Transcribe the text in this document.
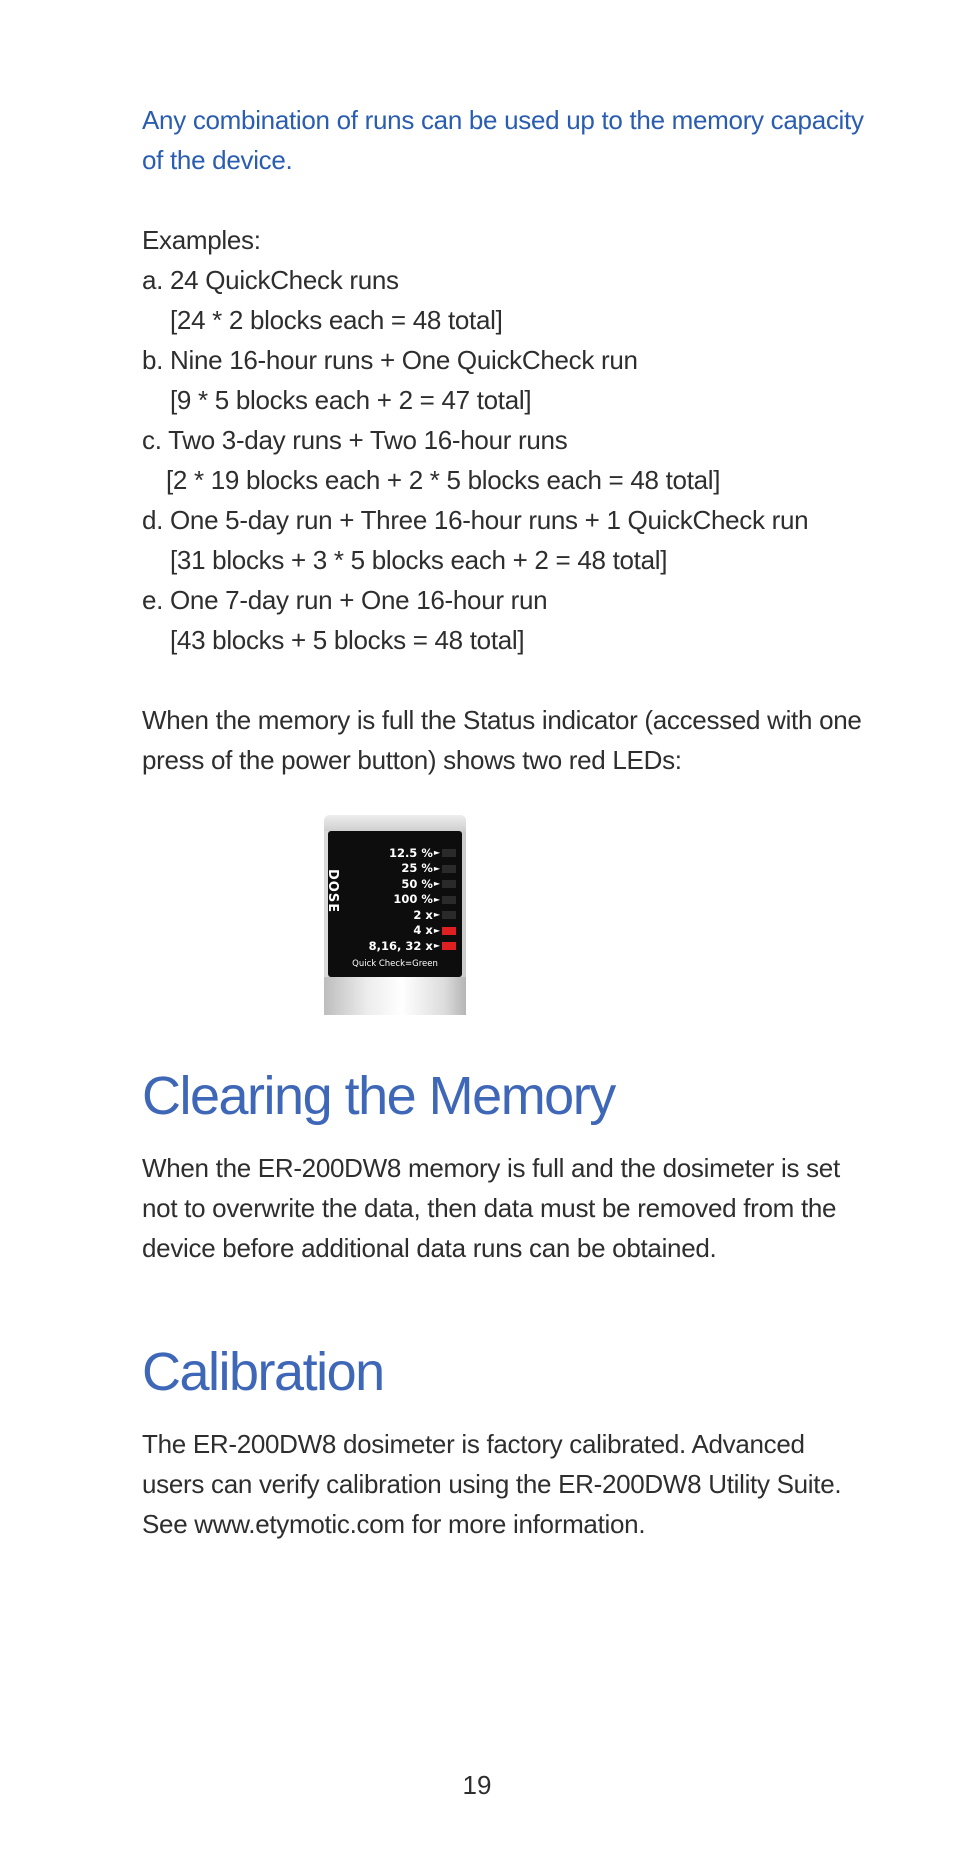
Any combination of runs can be used up to the memory capacity of the device.

Examples:
a. 24 QuickCheck runs
[24 * 2 blocks each = 48 total]
b. Nine 16-hour runs + One QuickCheck run
[9 * 5 blocks each + 2 = 47 total]
c. Two 3-day runs + Two 16-hour runs
[2 * 19 blocks each + 2 * 5 blocks each = 48 total]
d. One 5-day run + Three 16-hour runs + 1 QuickCheck run
[31 blocks + 3 * 5 blocks each + 2 = 48 total]
e. One 7-day run + One 16-hour run
[43 blocks + 5 blocks = 48 total]

When the memory is full the Status indicator (accessed with one press of the power button) shows two red LEDs:

DOSE
12.5 % ►
25 % ►
50 % ►
100 % ►
2 x ►
4 x ►
8,16, 32 x ►
Quick Check=Green
Clearing the Memory

When the ER-200DW8 memory is full and the dosimeter is set not to overwrite the data, then data must be removed from the device before additional data runs can be obtained.

Calibration

The ER-200DW8 dosimeter is factory calibrated. Advanced users can verify calibration using the ER-200DW8 Utility Suite. See www.etymotic.com for more information.

19
